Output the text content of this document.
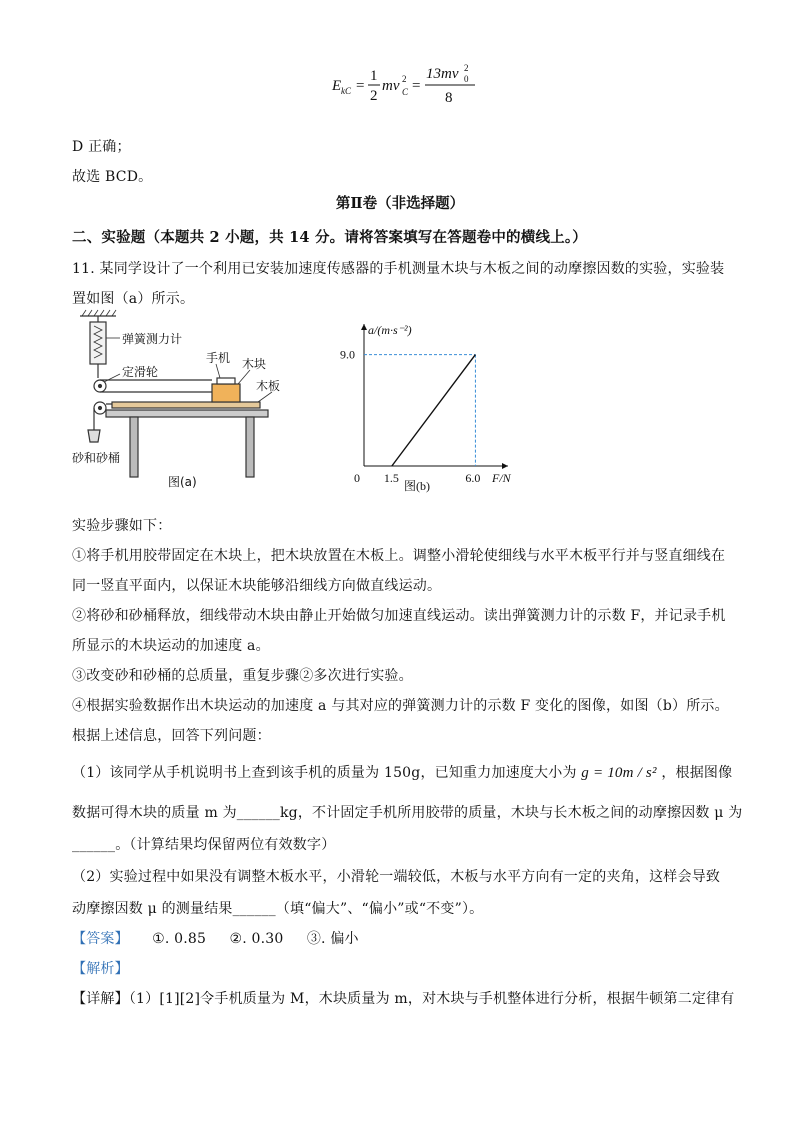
E kC =
1
2
mv C
2 =
13mv 0
2
8
D 正确；
故选 BCD。
第Ⅱ卷（非选择题）
二、实验题（本题共 2 小题，共 14 分。请将答案填写在答题卷中的横线上。）
11. 某同学设计了一个利用已安装加速度传感器的手机测量木块与木板之间的动摩擦因数的实验，实验装
置如图（a）所示。
弹簧测力计
定滑轮
手机 木块
木板
砂和砂桶
图(a)	0 1.5	6.0 F/N
9.0
a/(m·s⁻²)
图(b)
实验步骤如下：
①将手机用胶带固定在木块上，把木块放置在木板上。调整小滑轮使细线与水平木板平行并与竖直细线在
同一竖直平面内，以保证木块能够沿细线方向做直线运动。
②将砂和砂桶释放，细线带动木块由静止开始做匀加速直线运动。读出弹簧测力计的示数 F，并记录手机
所显示的木块运动的加速度 a。
③改变砂和砂桶的总质量，重复步骤②多次进行实验。
④根据实验数据作出木块运动的加速度 a 与其对应的弹簧测力计的示数 F 变化的图像，如图（b）所示。
根据上述信息，回答下列问题：
（1）该同学从手机说明书上查到该手机的质量为 150g，已知重力加速度大小为 g = 10m / s² ，根据图像
数据可得木块的质量 m 为______kg，不计固定手机所用胶带的质量，木块与长木板之间的动摩擦因数 μ 为
______。（计算结果均保留两位有效数字）
（2）实验过程中如果没有调整木板水平，小滑轮一端较低，木板与水平方向有一定的夹角，这样会导致
动摩擦因数 μ 的测量结果______（填“偏大”、“偏小”或“不变”）。
【答案】 ①. 0.85 ②. 0.30 ③. 偏小
【解析】
【详解】（1）[1][2]令手机质量为 M，木块质量为 m，对木块与手机整体进行分析，根据牛顿第二定律有
